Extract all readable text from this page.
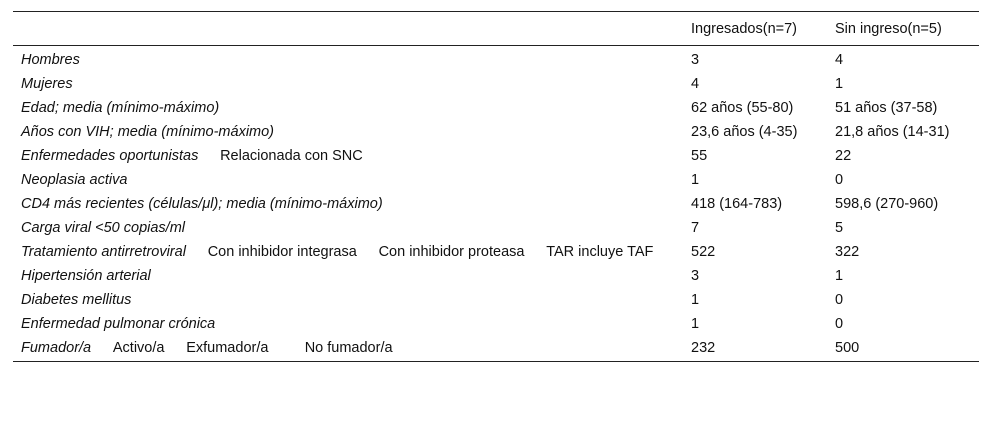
	Ingresados(n=7)	Sin ingreso(n=5)
Hombres	3	4
Mujeres	4	1
Edad; media (mínimo-máximo)	62 años (55-80)	51 años (37-58)
Años con VIH; media (mínimo-máximo)	23,6 años (4-35)	21,8 años (14-31)
Enfermedades oportunistas   Relacionada con SNC	55	22
Neoplasia activa	1	0
CD4 más recientes (células/μl); media (mínimo-máximo)	418 (164-783)	598,6 (270-960)
Carga viral <50 copias/ml	7	5
Tratamiento antirretroviral   Con inhibidor integrasa   Con inhibidor proteasa   TAR incluye TAF	522	322
Hipertensión arterial	3	1
Diabetes mellitus	1	0
Enfermedad pulmonar crónica	1	0
Fumador/a   Activo/a   Exfumador/a    No fumador/a	232	500
